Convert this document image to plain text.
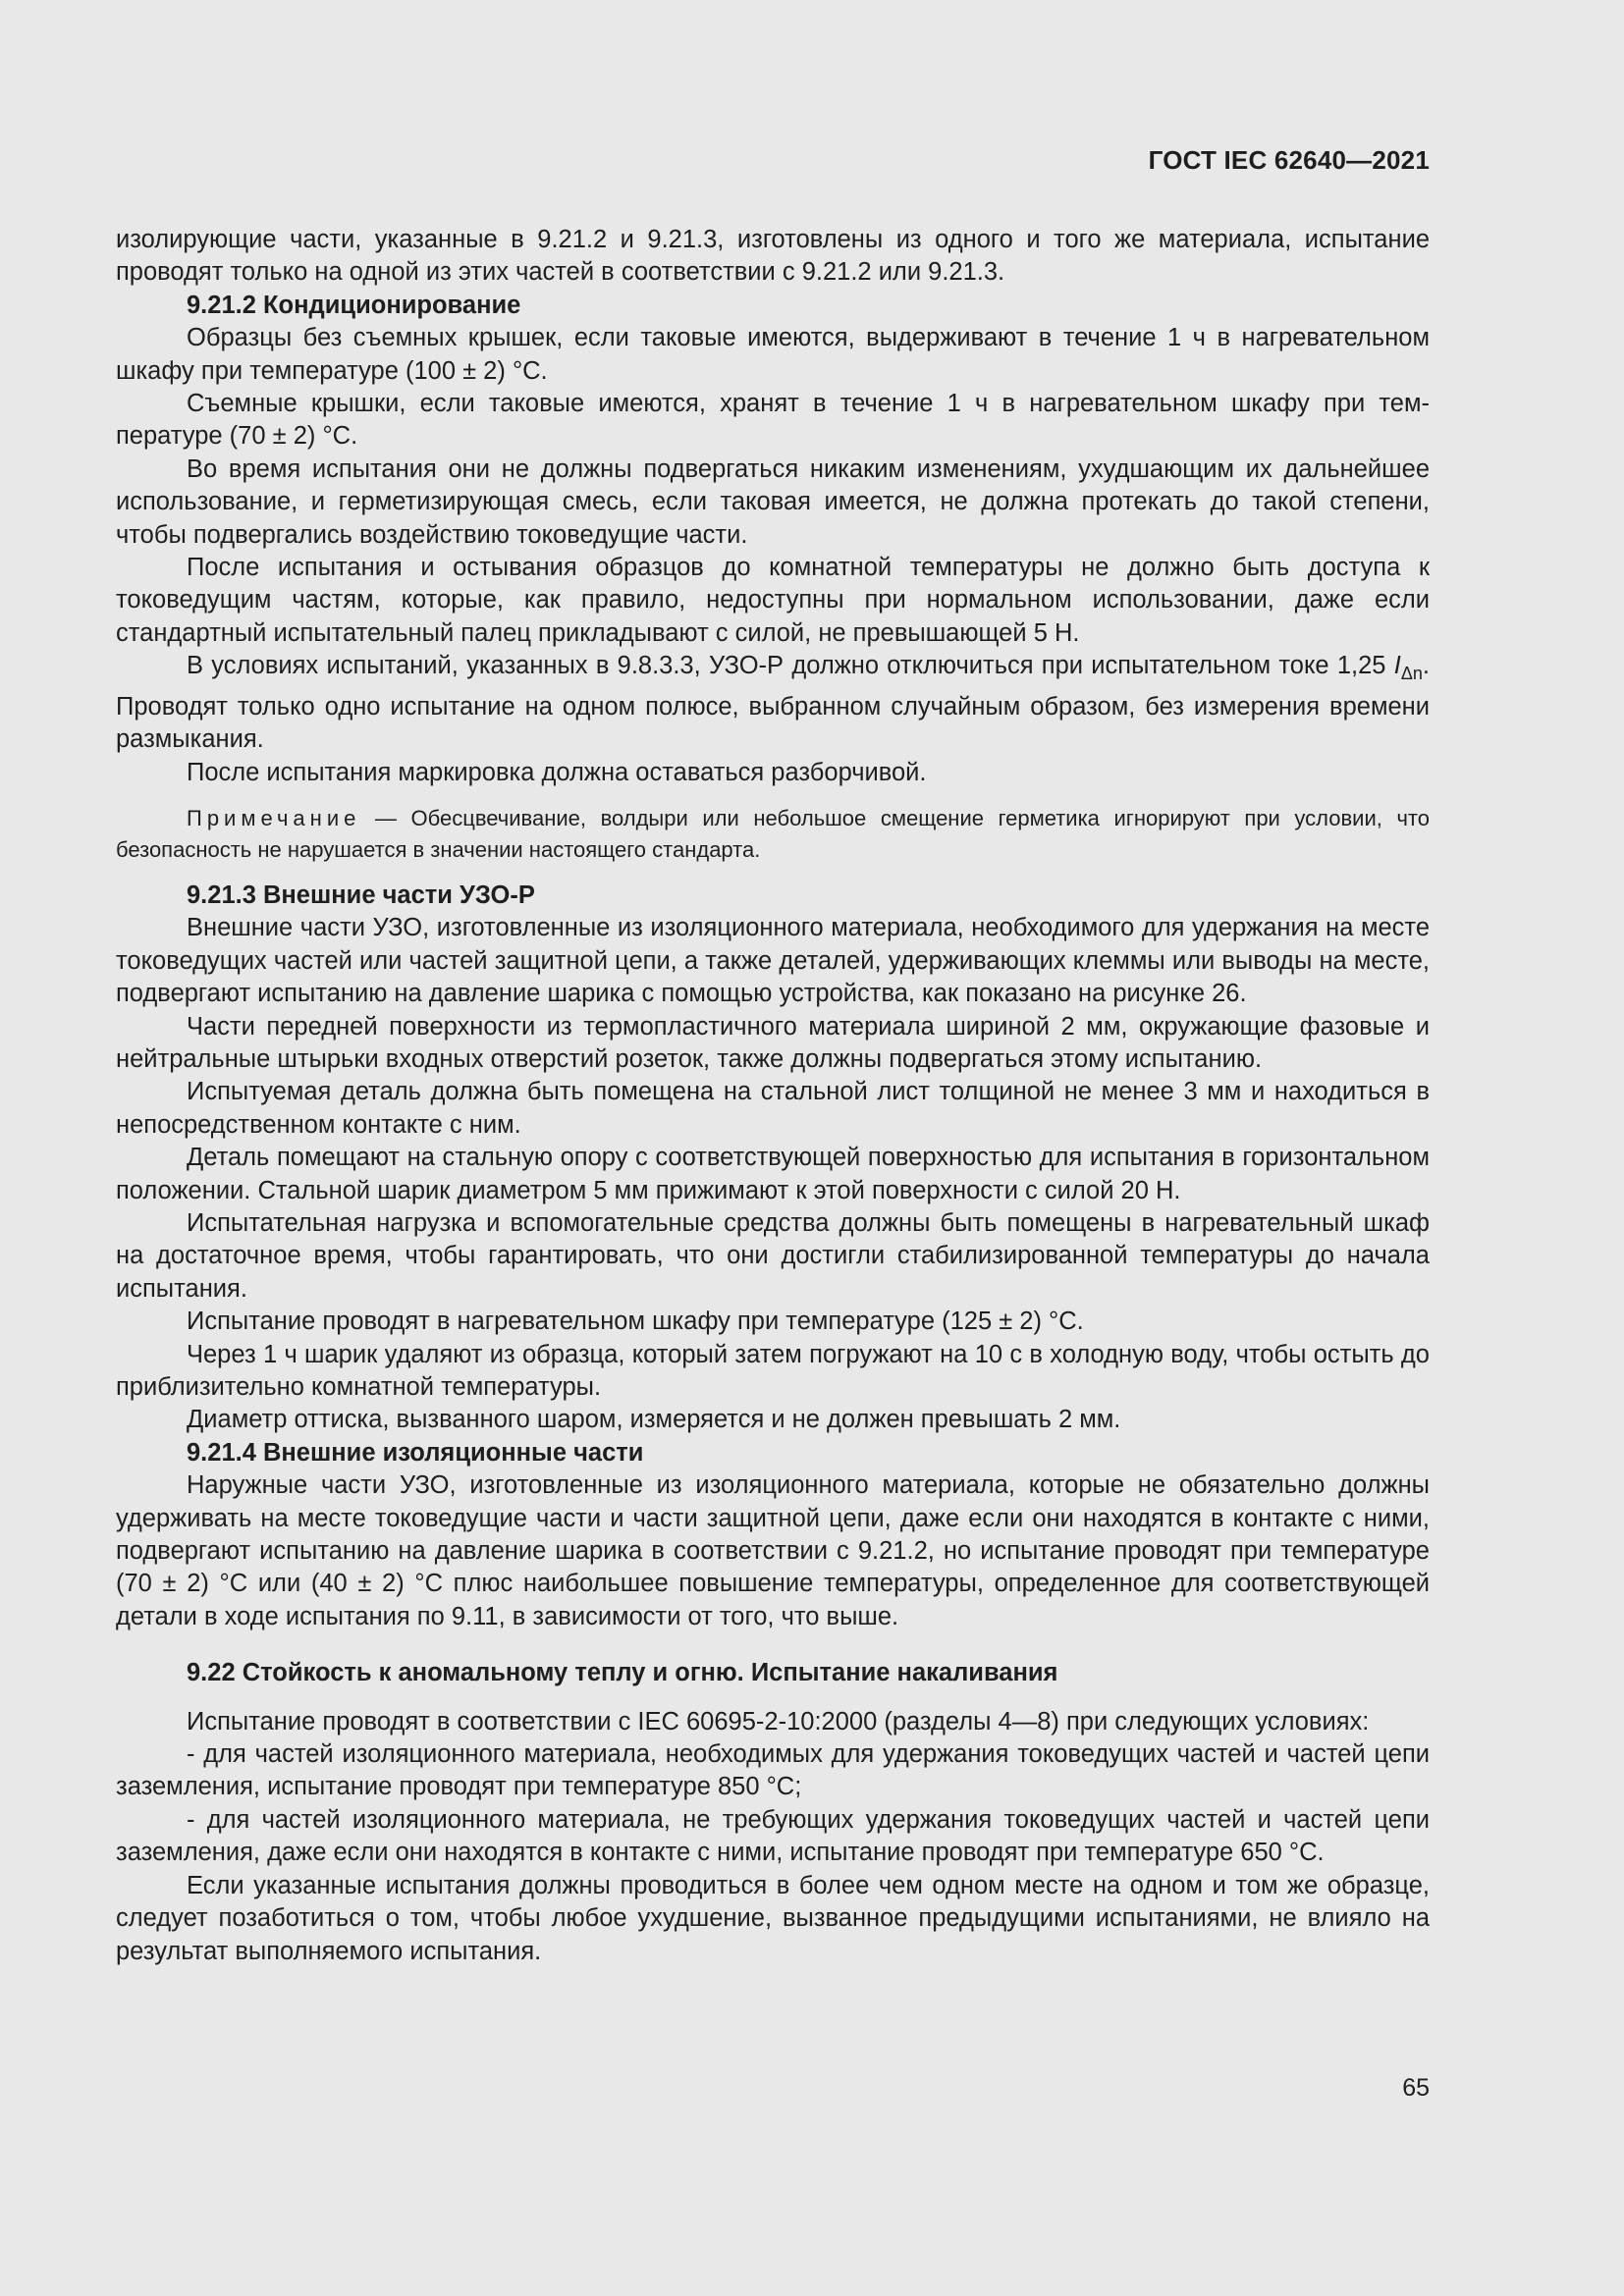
ГОСТ IEC 62640—2021

изолирующие части, указанные в 9.21.2 и 9.21.3, изготовлены из одного и того же материала, испытание проводят только на одной из этих частей в соответствии с 9.21.2 или 9.21.3.

9.21.2 Кондиционирование

Образцы без съемных крышек, если таковые имеются, выдерживают в течение 1 ч в нагревательном шкафу при температуре (100 ± 2) °С.

Съемные крышки, если таковые имеются, хранят в течение 1 ч в нагревательном шкафу при температуре (70 ± 2) °С.

Во время испытания они не должны подвергаться никаким изменениям, ухудшающим их дальнейшее использование, и герметизирующая смесь, если таковая имеется, не должна протекать до такой степени, чтобы подвергались воздействию токоведущие части.

После испытания и остывания образцов до комнатной температуры не должно быть доступа к токоведущим частям, которые, как правило, недоступны при нормальном использовании, даже если стандартный испытательный палец прикладывают с силой, не превышающей 5 Н.

В условиях испытаний, указанных в 9.8.3.3, УЗО-Р должно отключиться при испытательном токе 1,25 $I_{\Delta n}$. Проводят только одно испытание на одном полюсе, выбранном случайным образом, без измерения времени размыкания.

После испытания маркировка должна оставаться разборчивой.

Примечание — Обесцвечивание, волдыри или небольшое смещение герметика игнорируют при условии, что безопасность не нарушается в значении настоящего стандарта.

9.21.3 Внешние части УЗО-Р

Внешние части УЗО, изготовленные из изоляционного материала, необходимого для удержания на месте токоведущих частей или частей защитной цепи, а также деталей, удерживающих клеммы или выводы на месте, подвергают испытанию на давление шарика с помощью устройства, как показано на рисунке 26.

Части передней поверхности из термопластичного материала шириной 2 мм, окружающие фазовые и нейтральные штырьки входных отверстий розеток, также должны подвергаться этому испытанию.

Испытуемая деталь должна быть помещена на стальной лист толщиной не менее 3 мм и находиться в непосредственном контакте с ним.

Деталь помещают на стальную опору с соответствующей поверхностью для испытания в горизонтальном положении. Стальной шарик диаметром 5 мм прижимают к этой поверхности с силой 20 Н.

Испытательная нагрузка и вспомогательные средства должны быть помещены в нагревательный шкаф на достаточное время, чтобы гарантировать, что они достигли стабилизированной температуры до начала испытания.

Испытание проводят в нагревательном шкафу при температуре (125 ± 2) °С.

Через 1 ч шарик удаляют из образца, который затем погружают на 10 с в холодную воду, чтобы остыть до приблизительно комнатной температуры.

Диаметр оттиска, вызванного шаром, измеряется и не должен превышать 2 мм.

9.21.4 Внешние изоляционные части

Наружные части УЗО, изготовленные из изоляционного материала, которые не обязательно должны удерживать на месте токоведущие части и части защитной цепи, даже если они находятся в контакте с ними, подвергают испытанию на давление шарика в соответствии с 9.21.2, но испытание проводят при температуре (70 ± 2) °С или (40 ± 2) °С плюс наибольшее повышение температуры, определенное для соответствующей детали в ходе испытания по 9.11, в зависимости от того, что выше.

9.22 Стойкость к аномальному теплу и огню. Испытание накаливания

Испытание проводят в соответствии с IEC 60695-2-10:2000 (разделы 4—8) при следующих условиях:

- для частей изоляционного материала, необходимых для удержания токоведущих частей и частей цепи заземления, испытание проводят при температуре 850 °С;

- для частей изоляционного материала, не требующих удержания токоведущих частей и частей цепи заземления, даже если они находятся в контакте с ними, испытание проводят при температуре 650 °С.

Если указанные испытания должны проводиться в более чем одном месте на одном и том же образце, следует позаботиться о том, чтобы любое ухудшение, вызванное предыдущими испытаниями, не влияло на результат выполняемого испытания.

65
